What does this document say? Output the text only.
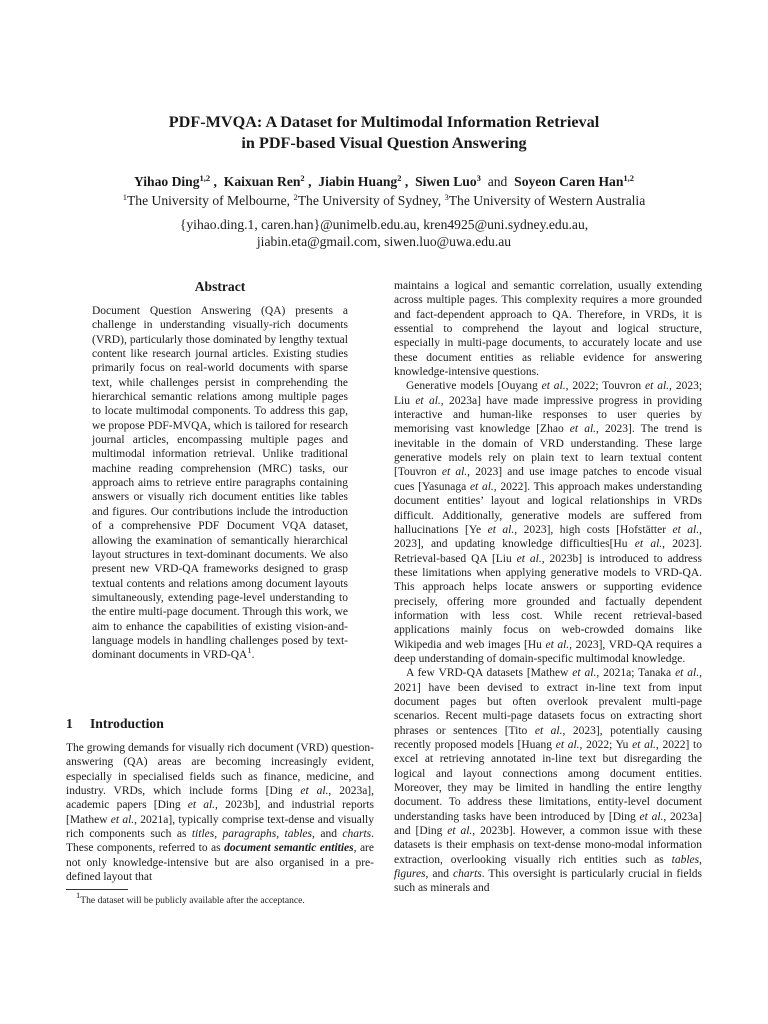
PDF-MVQA: A Dataset for Multimodal Information Retrieval
in PDF-based Visual Question Answering
Yihao Ding$^{1,2}$ ,  Kaixuan Ren$^2$ ,  Jiabin Huang$^2$ ,  Siwen Luo$^3$ and Soyeon Caren Han$^{1,2}$
$^1$The University of Melbourne, $^2$The University of Sydney, $^3$The University of Western Australia
{yihao.ding.1, caren.han}@unimelb.edu.au, kren4925@uni.sydney.edu.au,
jiabin.eta@gmail.com, siwen.luo@uwa.edu.au
Abstract

Document Question Answering (QA) presents a challenge in understanding visually-rich documents (VRD), particularly those dominated by lengthy textual content like research journal articles. Existing studies primarily focus on real-world documents with sparse text, while challenges persist in comprehending the hierarchical semantic relations among multiple pages to locate multimodal components. To address this gap, we propose PDF-MVQA, which is tailored for research journal articles, encompassing multiple pages and multimodal information retrieval. Unlike traditional machine reading comprehension (MRC) tasks, our approach aims to retrieve entire paragraphs containing answers or visually rich document entities like tables and figures. Our contributions include the introduction of a comprehensive PDF Document VQA dataset, allowing the examination of semantically hierarchical layout structures in text-dominant documents. We also present new VRD-QA frameworks designed to grasp textual contents and relations among document layouts simultaneously, extending page-level understanding to the entire multi-page document. Through this work, we aim to enhance the capabilities of existing vision-and-language models in handling challenges posed by text-dominant documents in VRD-$QA^1$.

1 Introduction

The growing demands for visually rich document (VRD) question-answering (QA) areas are becoming increasingly evident, especially in specialised fields such as finance, medicine, and industry. VRDs, which include forms [Ding et al., 2023a], academic papers [Ding et al., 2023b], and industrial reports [Mathew et al., 2021a], typically comprise text-dense and visually rich components such as titles, paragraphs, tables, and charts. These components, referred to as document semantic entities, are not only knowledge-intensive but are also organised in a pre-defined layout that

maintains a logical and semantic correlation, usually extending across multiple pages. This complexity requires a more grounded and fact-dependent approach to QA. Therefore, in VRDs, it is essential to comprehend the layout and logical structure, especially in multi-page documents, to accurately locate and use these document entities as reliable evidence for answering knowledge-intensive questions.

Generative models [Ouyang et al., 2022; Touvron et al., 2023; Liu et al., 2023a] have made impressive progress in providing interactive and human-like responses to user queries by memorising vast knowledge [Zhao et al., 2023]. The trend is inevitable in the domain of VRD understanding. These large generative models rely on plain text to learn textual content [Touvron et al., 2023] and use image patches to encode visual cues [Yasunaga et al., 2022]. This approach makes understanding document entities’ layout and logical relationships in VRDs difficult. Additionally, generative models are suffered from hallucinations [Ye et al., 2023], high costs [Hofstätter et al., 2023], and updating knowledge difficulties[Hu et al., 2023]. Retrieval-based QA [Liu et al., 2023b] is introduced to address these limitations when applying generative models to VRD-QA. This approach helps locate answers or supporting evidence precisely, offering more grounded and factually dependent information with less cost. While recent retrieval-based applications mainly focus on web-crowded domains like Wikipedia and web images [Hu et al., 2023], VRD-QA requires a deep understanding of domain-specific multimodal knowledge.

A few VRD-QA datasets [Mathew et al., 2021a; Tanaka et al., 2021] have been devised to extract in-line text from input document pages but often overlook prevalent multi-page scenarios. Recent multi-page datasets focus on extracting short phrases or sentences [Tito et al., 2023], potentially causing recently proposed models [Huang et al., 2022; Yu et al., 2022] to excel at retrieving annotated in-line text but disregarding the logical and layout connections among document entities. Moreover, they may be limited in handling the entire lengthy document. To address these limitations, entity-level document understanding tasks have been introduced by [Ding et al., 2023a] and [Ding et al., 2023b]. However, a common issue with these datasets is their emphasis on text-dense mono-modal information extraction, overlooking visually rich entities such as tables, figures, and charts. This oversight is particularly crucial in fields such as minerals and

$^1$The dataset will be publicly available after the acceptance.
